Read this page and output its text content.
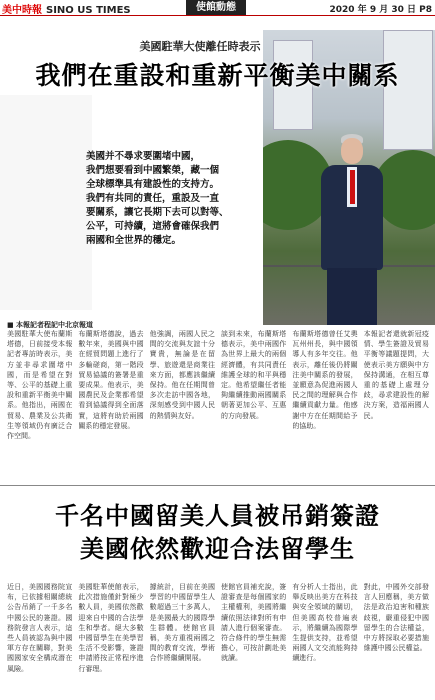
美中時報 SINO US TIMES	使館動態	2020 年 9 月 30 日 P8
美國駐華大使離任時表示
我們在重設和重新平衡美中關系
美國并不尋求要圍堵中國，
我們想要看到中國繁榮，藏一個
全球標準具有建設性的支持方。
我們有共同的責任，重設及一直
要關系，讓它長期下去可以對等、
公平，可持續，這將會確保我們
兩國和全世界的穩定。
■ 本報記者程記中北京報道
美國駐華大使布蘭斯塔德，日前接受本報記者專訪時表示，美方並非尋求圍堵中國，而是希望在對等、公平的基礎上重設和重新平衡美中關系。他指出，兩國在貿易、農業及公共衛生等領域仍有廣泛合作空間。
布蘭斯塔德說，過去數年來，美國與中國在經貿問題上進行了多輪磋商，第一階段貿易協議的簽署是重要成果。他表示，美國農民及企業都希望看到協議得到全面落實，這將有助於兩國關系的穩定發展。
他強調，兩國人民之間的交流與友誼十分寶貴，無論是在留學、旅遊還是商業往來方面，都應該繼續保持。他在任期間曾多次走訪中國各地，深刻感受到中國人民的熱情與友好。
談到未來，布蘭斯塔德表示，美中兩國作為世界上最大的兩個經濟體，有共同責任維護全球的和平與穩定。他希望繼任者能夠繼續推動兩國關系朝著更加公平、互惠的方向發展。
布蘭斯塔德曾任艾奧瓦州州長，與中國領導人有多年交往。他表示，離任後仍將關注美中關系的發展，並願意為促進兩國人民之間的理解與合作繼續貢獻力量。他感謝中方在任期間給予的協助。
本報記者還就新冠疫情、學生簽證及貿易平衡等議題提問，大使表示美方願與中方保持溝通，在相互尊重的基礎上處理分歧，尋求建設性的解決方案，造福兩國人民。
千名中國留美人員被吊銷簽證
美國依然歡迎合法留學生
近日，美國國務院宣布，已依據相關總統公告吊銷了一千多名中國公民的簽證。國務院發言人表示，這些人員被認為與中國軍方存在關聯，對美國國家安全構成潛在風險。
美國駐華使館表示，此次措施僅針對極少數人員，美國依然歡迎來自中國的合法學生和學者。絕大多數中國留學生在美學習生活不受影響，簽證申請將按正常程序進行審理。
據統計，目前在美國學習的中國留學生人數超過三十多萬人，是美國最大的國際學生群體。使館官員稱，美方重視兩國之間的教育交流，學術合作將繼續開展。
使館官員補充說，簽證審查是每個國家的主權權利，美國將繼續依照法律對所有申請人進行個案審查。符合條件的學生無需擔心，可按計劃赴美就讀。
有分析人士指出，此舉反映出美方在科技與安全領域的關切，但美國高校普遍表示，將繼續為國際學生提供支持，並希望兩國人文交流能夠持續進行。
對此，中國外交部發言人回應稱，美方做法是政治迫害和種族歧視，嚴重侵犯中國留學生的合法權益，中方將採取必要措施維護中國公民權益。
